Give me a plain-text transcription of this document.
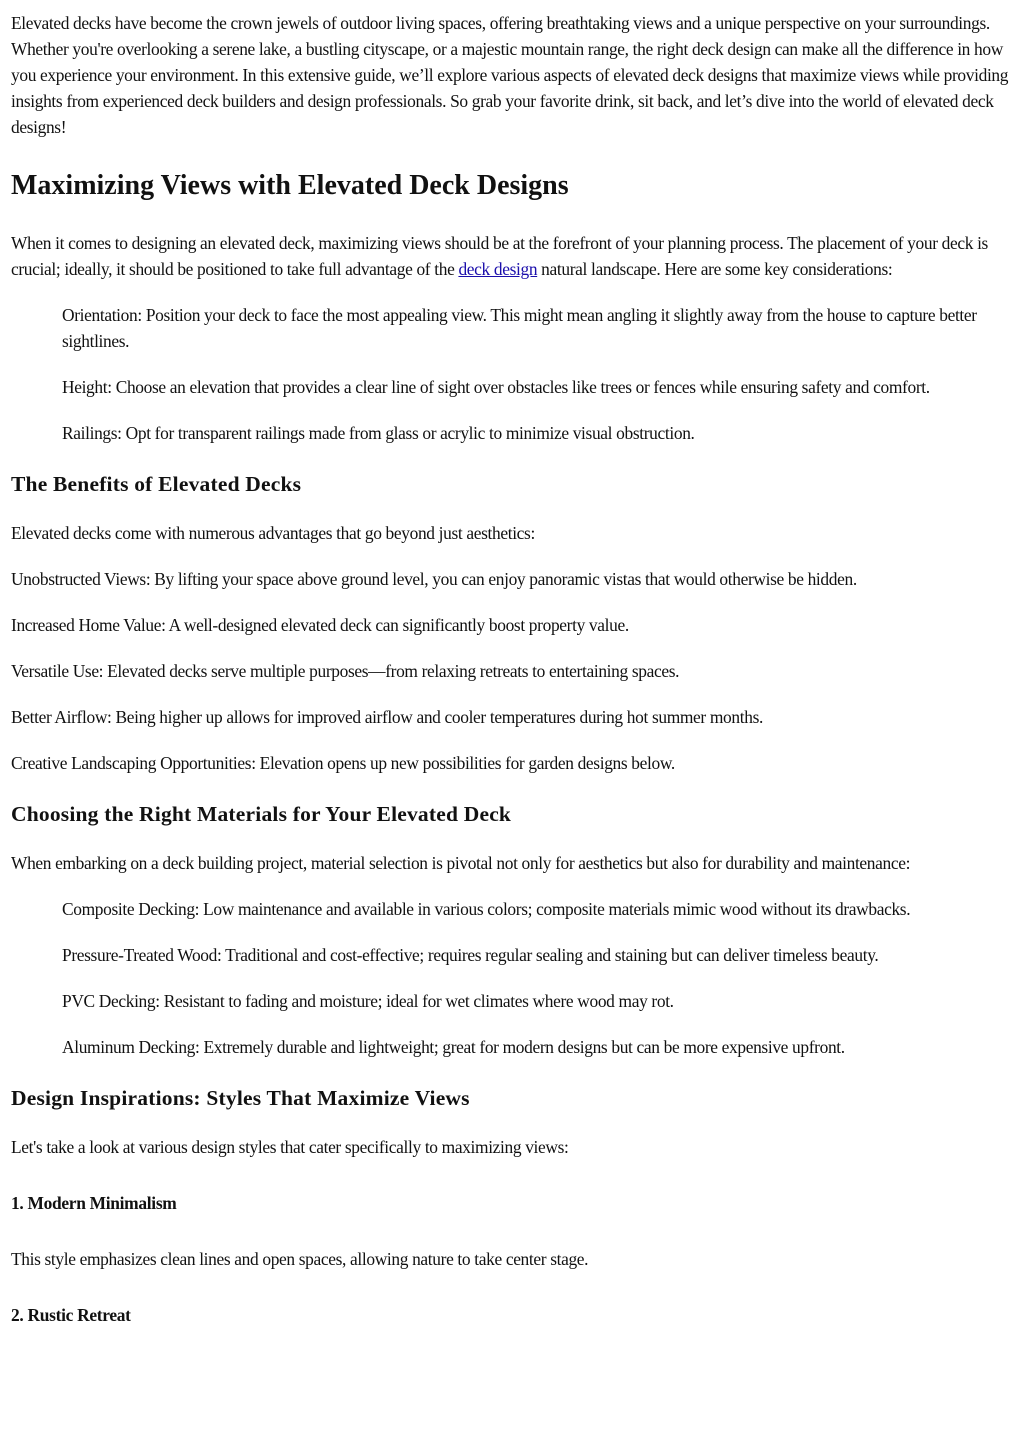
Elevated decks have become the crown jewels of outdoor living spaces, offering breathtaking views and a unique perspective on your surroundings. Whether you're overlooking a serene lake, a bustling cityscape, or a majestic mountain range, the right deck design can make all the difference in how you experience your environment. In this extensive guide, we’ll explore various aspects of elevated deck designs that maximize views while providing insights from experienced deck builders and design professionals. So grab your favorite drink, sit back, and let’s dive into the world of elevated deck designs!

Maximizing Views with Elevated Deck Designs

When it comes to designing an elevated deck, maximizing views should be at the forefront of your planning process. The placement of your deck is crucial; ideally, it should be positioned to take full advantage of the deck design natural landscape. Here are some key considerations:

Orientation: Position your deck to face the most appealing view. This might mean angling it slightly away from the house to capture better sightlines.

Height: Choose an elevation that provides a clear line of sight over obstacles like trees or fences while ensuring safety and comfort.

Railings: Opt for transparent railings made from glass or acrylic to minimize visual obstruction.

The Benefits of Elevated Decks

Elevated decks come with numerous advantages that go beyond just aesthetics:

Unobstructed Views: By lifting your space above ground level, you can enjoy panoramic vistas that would otherwise be hidden.

Increased Home Value: A well-designed elevated deck can significantly boost property value.

Versatile Use: Elevated decks serve multiple purposes—from relaxing retreats to entertaining spaces.

Better Airflow: Being higher up allows for improved airflow and cooler temperatures during hot summer months.

Creative Landscaping Opportunities: Elevation opens up new possibilities for garden designs below.

Choosing the Right Materials for Your Elevated Deck

When embarking on a deck building project, material selection is pivotal not only for aesthetics but also for durability and maintenance:

Composite Decking: Low maintenance and available in various colors; composite materials mimic wood without its drawbacks.

Pressure-Treated Wood: Traditional and cost-effective; requires regular sealing and staining but can deliver timeless beauty.

PVC Decking: Resistant to fading and moisture; ideal for wet climates where wood may rot.

Aluminum Decking: Extremely durable and lightweight; great for modern designs but can be more expensive upfront.

Design Inspirations: Styles That Maximize Views

Let's take a look at various design styles that cater specifically to maximizing views:

1. Modern Minimalism

This style emphasizes clean lines and open spaces, allowing nature to take center stage.

2. Rustic Retreat
